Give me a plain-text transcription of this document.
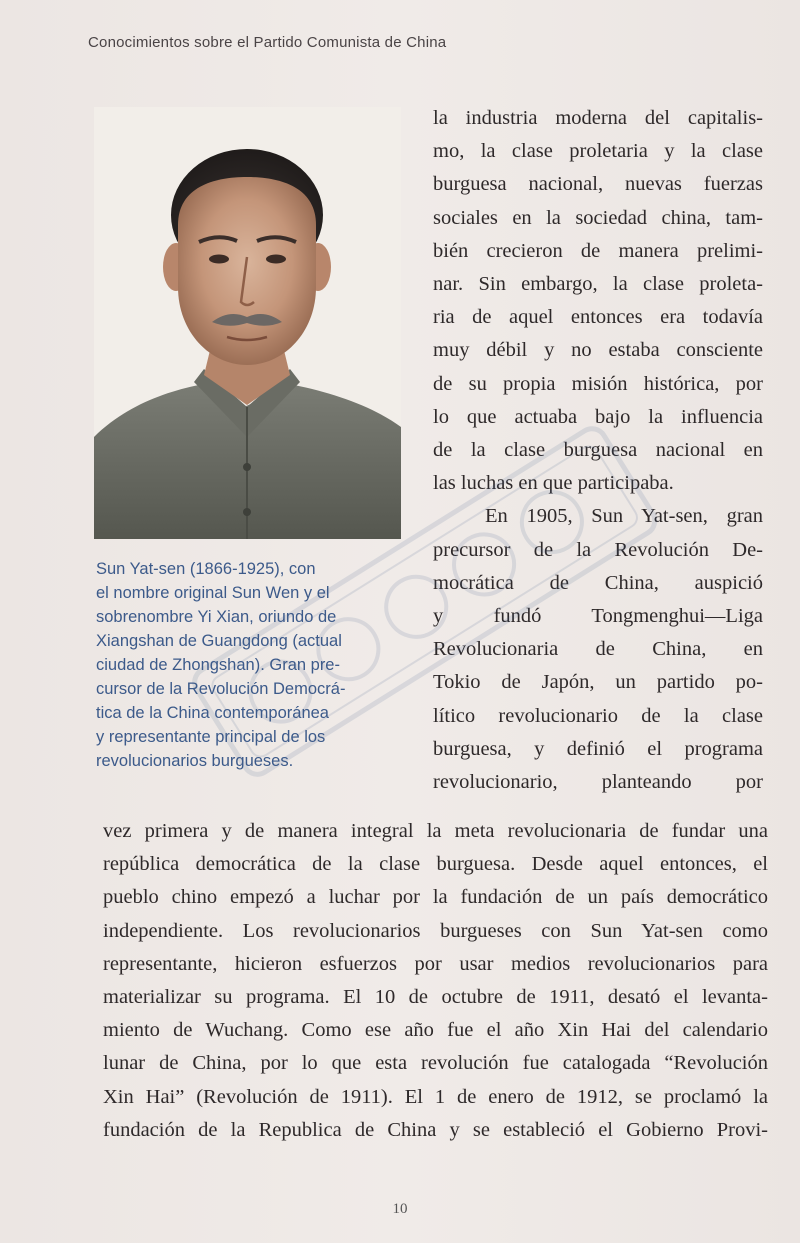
Conocimientos sobre el Partido Comunista de China
Sun Yat-sen (1866-1925), con
el nombre original Sun Wen y el
sobrenombre Yi Xian, oriundo de
Xiangshan de Guangdong (actual
ciudad de Zhongshan). Gran pre-
cursor de la Revolución Democrá-
tica de la China contemporánea
y representante principal de los
revolucionarios burgueses.
la industria moderna del capitalis-
mo, la clase proletaria y la clase
burguesa nacional, nuevas fuerzas
sociales en la sociedad china, tam-
bién crecieron de manera prelimi-
nar. Sin embargo, la clase proleta-
ria de aquel entonces era todavía
muy débil y no estaba consciente
de su propia misión histórica, por
lo que actuaba bajo la influencia
de la clase burguesa nacional en
las luchas en que participaba.
En 1905, Sun Yat-sen, gran
precursor de la Revolución De-
mocrática de China, auspició
y fundó Tongmenghui—Liga
Revolucionaria de China, en
Tokio de Japón, un partido po-
lítico revolucionario de la clase
burguesa, y definió el programa
revolucionario, planteando por
vez primera y de manera integral la meta revolucionaria de fundar una
república democrática de la clase burguesa. Desde aquel entonces, el
pueblo chino empezó a luchar por la fundación de un país democrático
independiente. Los revolucionarios burgueses con Sun Yat-sen como
representante, hicieron esfuerzos por usar medios revolucionarios para
materializar su programa. El 10 de octubre de 1911, desató el levanta-
miento de Wuchang. Como ese año fue el año Xin Hai del calendario
lunar de China, por lo que esta revolución fue catalogada “Revolución
Xin Hai” (Revolución de 1911). El 1 de enero de 1912, se proclamó la
fundación de la Republica de China y se estableció el Gobierno Provi-
10
